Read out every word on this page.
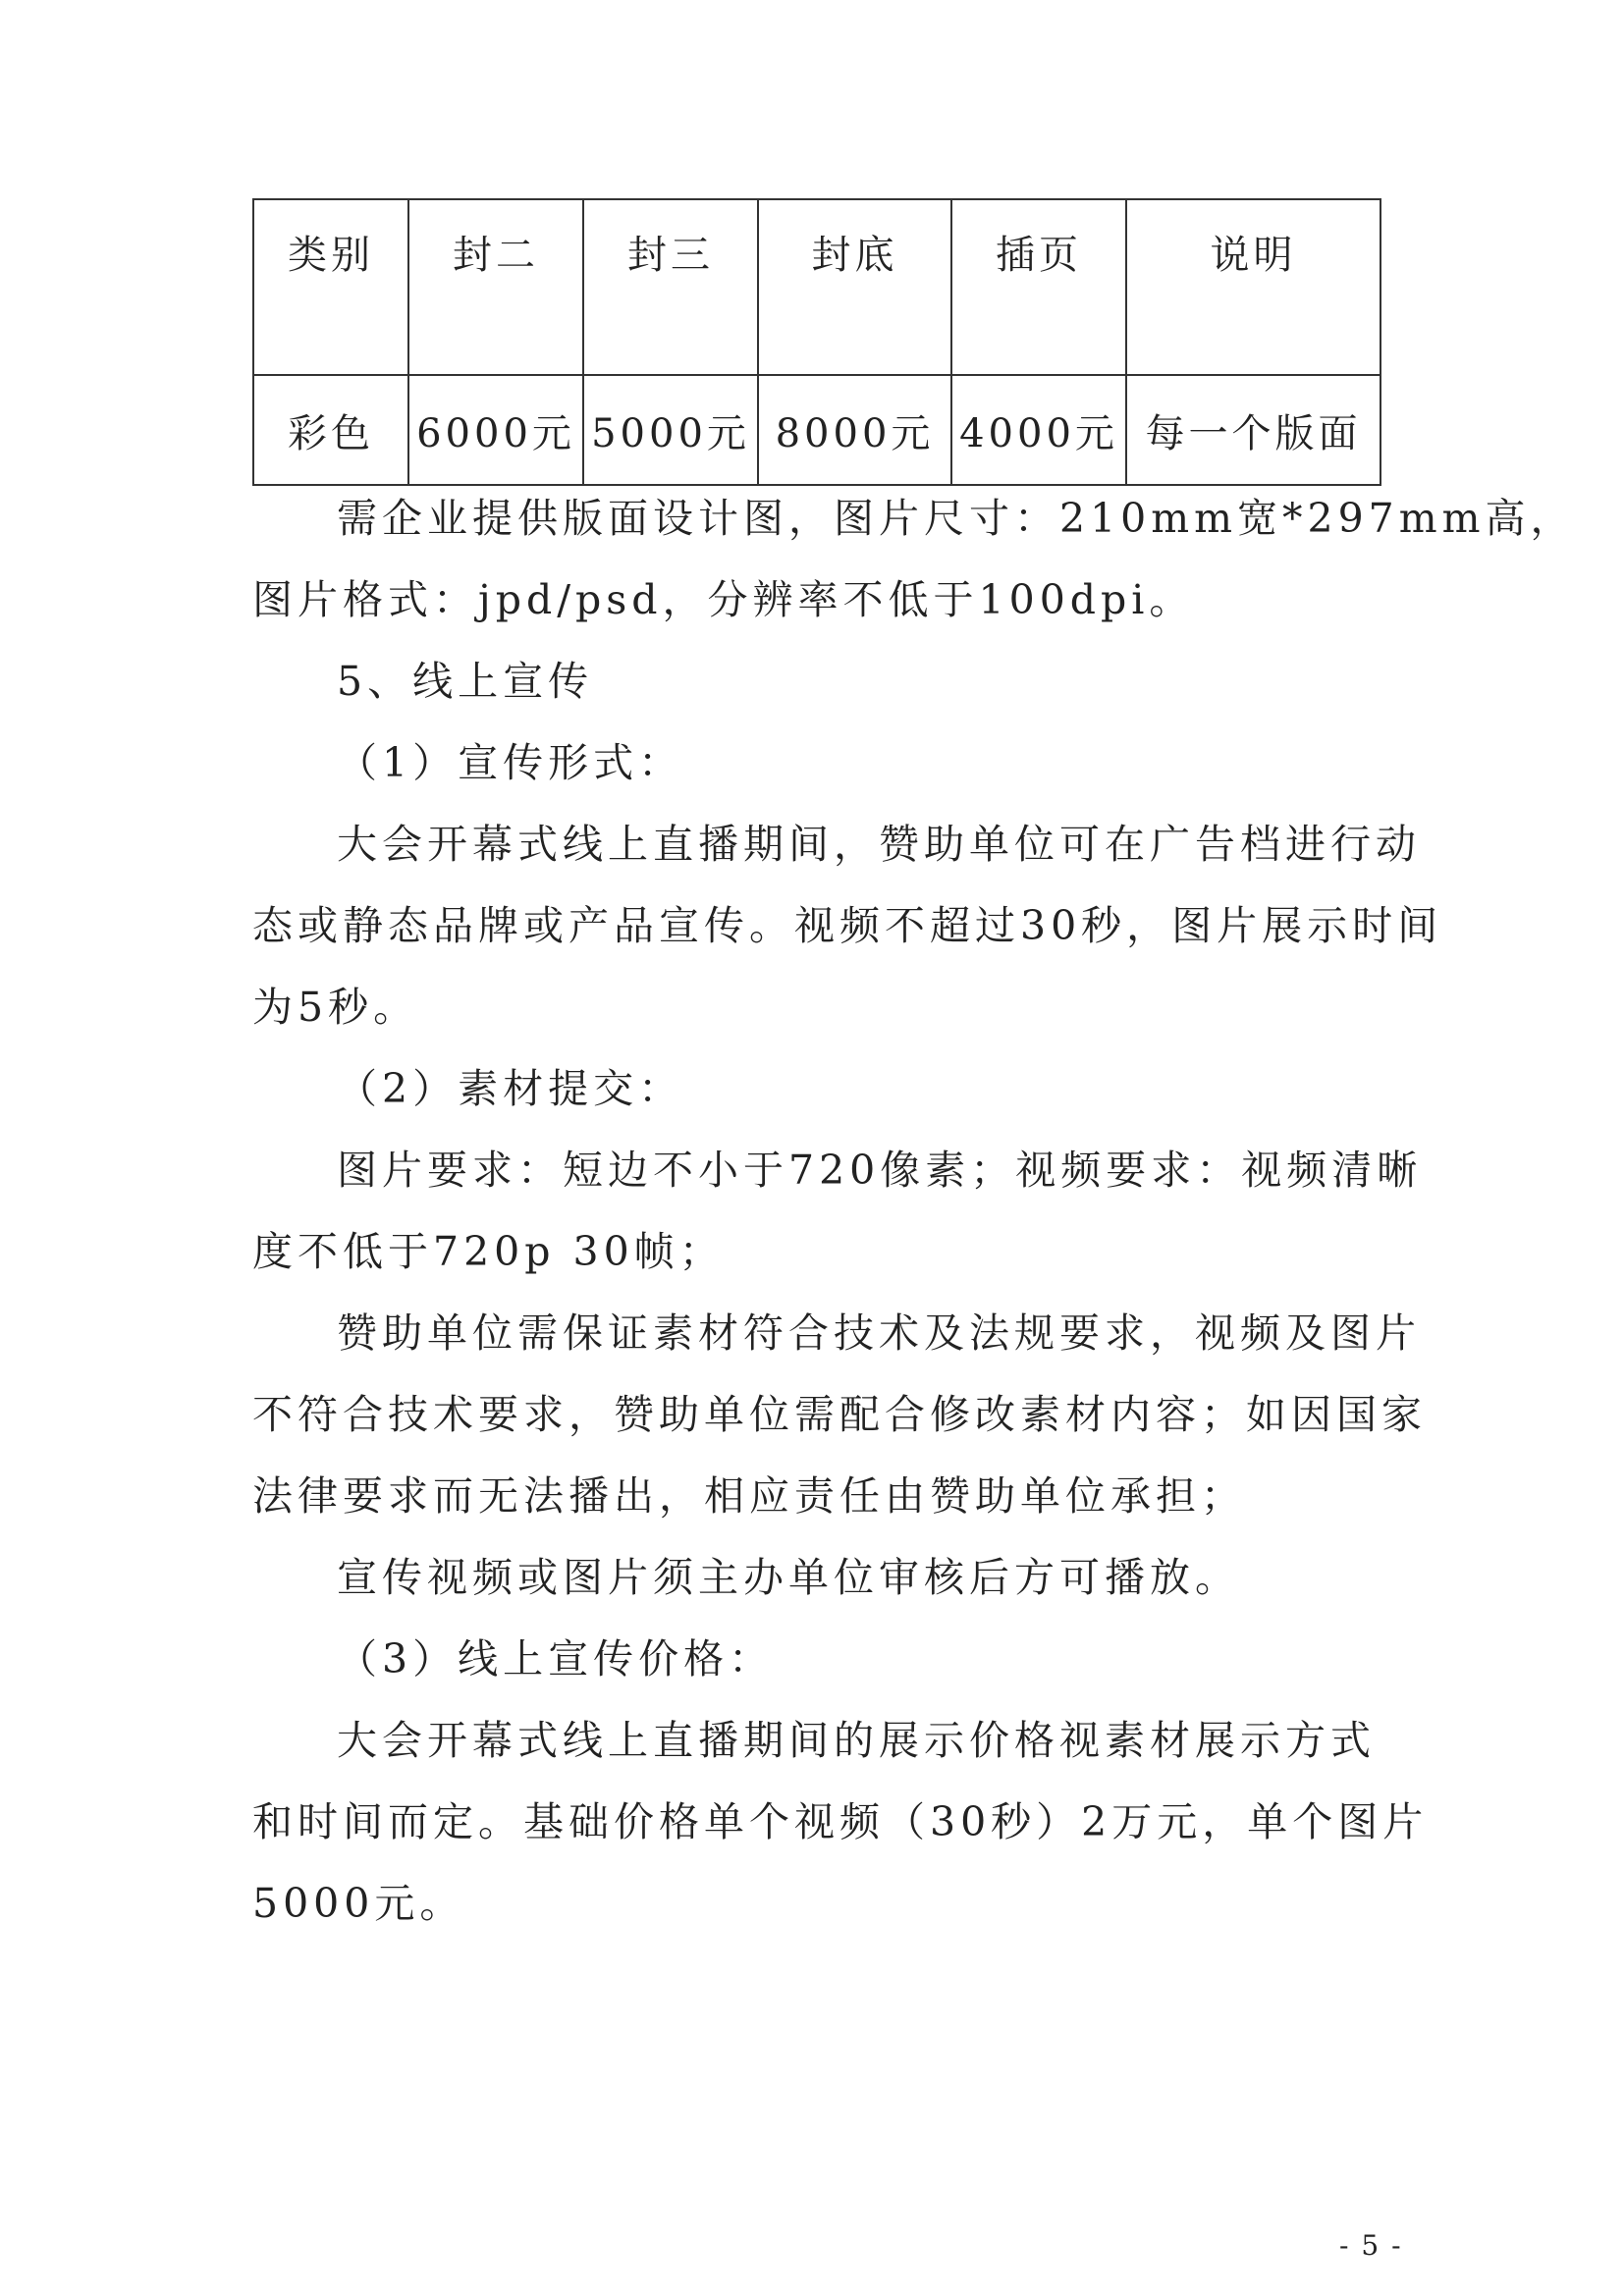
类别	封二	封三	封底	插页	说明
彩色	6000元	5000元	8000元	4000元	每一个版面
需企业提供版面设计图，图片尺寸：210mm宽*297mm高，
图片格式：jpd/psd，分辨率不低于100dpi。
5、线上宣传
（1）宣传形式：
大会开幕式线上直播期间，赞助单位可在广告档进行动
态或静态品牌或产品宣传。视频不超过30秒，图片展示时间
为5秒。
（2）素材提交：
图片要求：短边不小于720像素；视频要求：视频清晰
度不低于720p 30帧；
赞助单位需保证素材符合技术及法规要求，视频及图片
不符合技术要求，赞助单位需配合修改素材内容；如因国家
法律要求而无法播出，相应责任由赞助单位承担；
宣传视频或图片须主办单位审核后方可播放。
（3）线上宣传价格：
大会开幕式线上直播期间的展示价格视素材展示方式
和时间而定。基础价格单个视频（30秒）2万元，单个图片
5000元。
- 5 -
